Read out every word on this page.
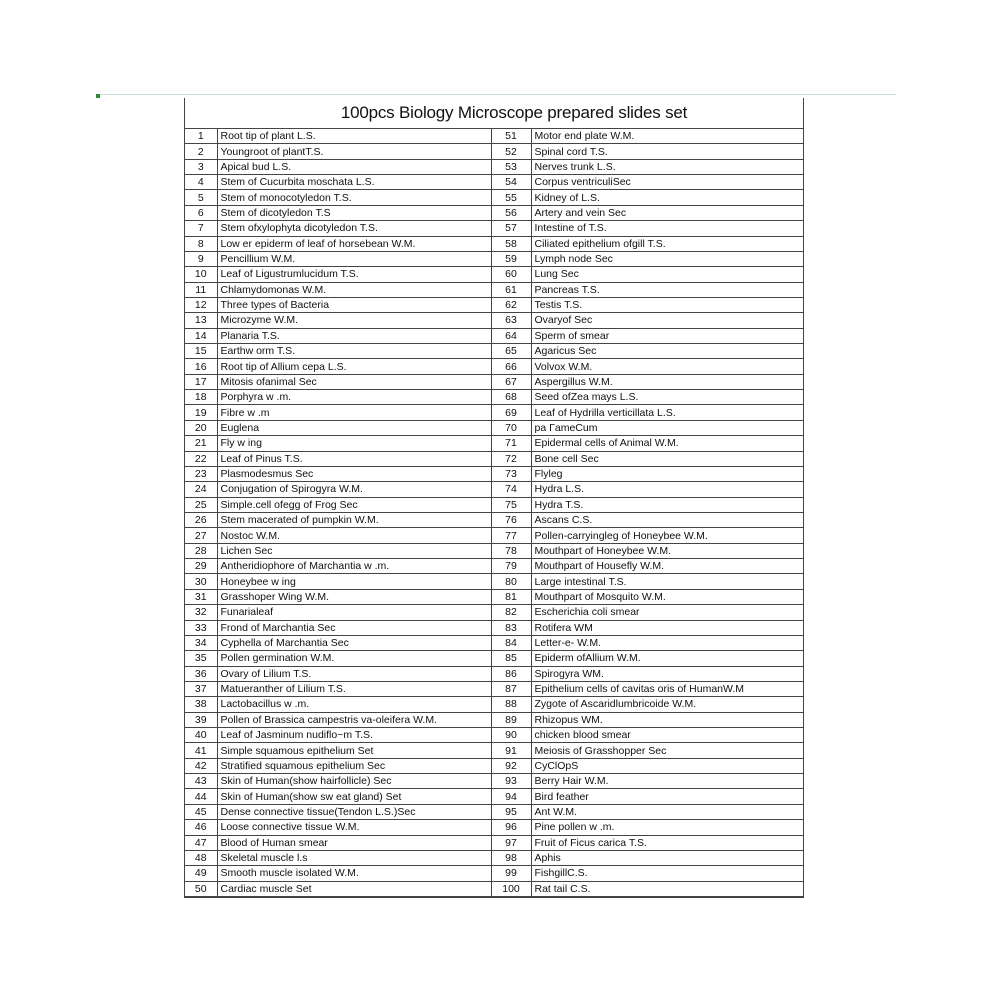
100pcs Biology Microscope prepared slides set
1	Root tip of plant L.S.	51	Motor end plate W.M.
2	Youngroot of plantT.S.	52	Spinal cord T.S.
3	Apical bud L.S.	53	Nerves trunk L.S.
4	Stem of Cucurbita moschata L.S.	54	Corpus ventriculiSec
5	Stem of monocotyledon T.S.	55	Kidney of L.S.
6	Stem of dicotyledon T.S	56	Artery and vein Sec
7	Stem ofxylophyta dicotyledon T.S.	57	Intestine of T.S.
8	Low er epiderm of leaf of horsebean W.M.	58	Ciliated epithelium ofgill T.S.
9	Pencillium W.M.	59	Lymph node Sec
10	Leaf of Ligustrumlucidum T.S.	60	Lung Sec
11	Chlamydomonas W.M.	61	Pancreas T.S.
12	Three types of Bacteria	62	Testis T.S.
13	Microzyme W.M.	63	Ovaryof Sec
14	Planaria T.S.	64	Sperm of smear
15	Earthw orm T.S.	65	Agaricus Sec
16	Root tip of Allium cepa L.S.	66	Volvox W.M.
17	Mitosis ofanimal Sec	67	Aspergillus W.M.
18	Porphyra w .m.	68	Seed ofZea mays L.S.
19	Fibre w .m	69	Leaf of Hydrilla verticillata L.S.
20	Euglena	70	pa ΓameCum
21	Fly w ing	71	Epidermal cells of Animal W.M.
22	Leaf of Pinus T.S.	72	Bone cell Sec
23	Plasmodesmus Sec	73	Flyleg
24	Conjugation of Spirogyra W.M.	74	Hydra L.S.
25	Simple.cell ofegg of Frog Sec	75	Hydra T.S.
26	Stem macerated of pumpkin W.M.	76	Ascans C.S.
27	Nostoc W.M.	77	Pollen-carryingleg of Honeybee W.M.
28	Lichen Sec	78	Mouthpart of Honeybee W.M.
29	Antheridiophore of Marchantia w .m.	79	Mouthpart of Housefly W.M.
30	Honeybee w ing	80	Large intestinal T.S.
31	Grasshoper Wing W.M.	81	Mouthpart of Mosquito W.M.
32	Funarialeaf	82	Escherichia coli smear
33	Frond of Marchantia Sec	83	Rotifera WM
34	Cyphella of Marchantia Sec	84	Letter-e- W.M.
35	Pollen germination W.M.	85	Epiderm ofAllium W.M.
36	Ovary of Lilium T.S.	86	Spirogyra WM.
37	Matueranther of Lilium T.S.	87	Epithelium cells of cavitas oris of HumanW.M
38	Lactobacillus w .m.	88	Zygote of Ascaridlumbricoide W.M.
39	Pollen of Brassica campestris va-oleifera W.M.	89	Rhizopus WM.
40	Leaf of Jasminum nudiflo~m T.S.	90	chicken blood smear
41	Simple squamous epithelium Set	91	Meiosis of Grasshopper Sec
42	Stratified squamous epithelium Sec	92	CyClOpS
43	Skin of Human(show hairfollicle) Sec	93	Berry Hair W.M.
44	Skin of Human(show sw eat gland) Set	94	Bird feather
45	Dense connective tissue(Tendon L.S.)Sec	95	Ant W.M.
46	Loose connective tissue W.M.	96	Pine pollen w .m.
47	Blood of Human smear	97	Fruit of Ficus carica T.S.
48	Skeletal muscle l.s	98	Aphis
49	Smooth muscle isolated W.M.	99	FishgillC.S.
50	Cardiac muscle Set	100	Rat tail C.S.
